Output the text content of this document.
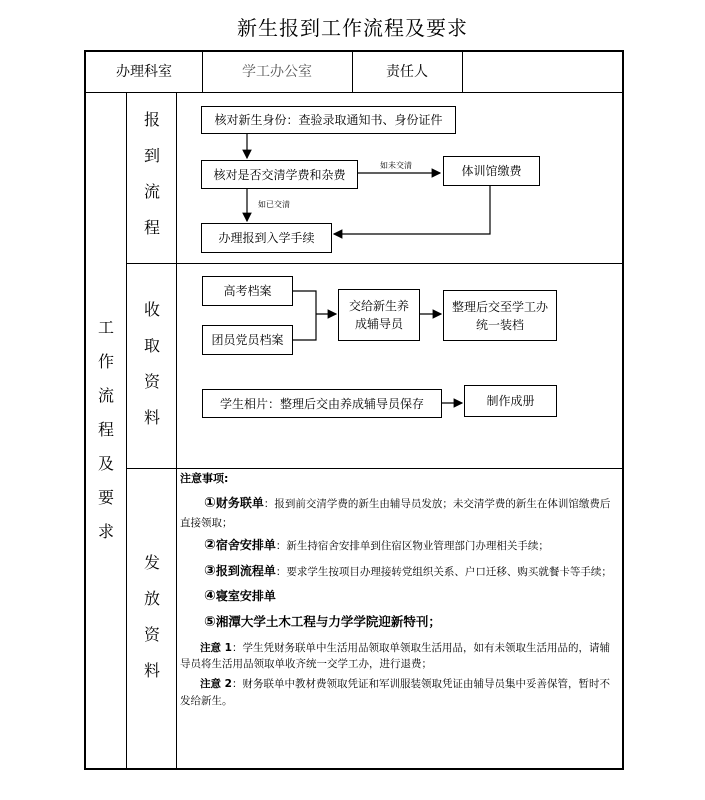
新生报到工作流程及要求
办理科室	学工办公室	责任人
工
作
流
程
及
要
求
报
到
流
程
收
取
资
料
发
放
资
料
核对新生身份：查验录取通知书、身份证件
核对是否交清学费和杂费	体训馆缴费
办理报到入学手续
如未交清
如已交清
高考档案
团员党员档案
交给新生养成辅导员
整理后交至学工办统一装档
学生相片：整理后交由养成辅导员保存	制作成册

注意事项:

①财务联单：报到前交清学费的新生由辅导员发放；未交清学费的新生在体训馆缴费后直接领取；

②宿舍安排单：新生持宿舍安排单到住宿区物业管理部门办理相关手续；

③报到流程单：要求学生按项目办理接转党组织关系、户口迁移、购买就餐卡等手续；

④寝室安排单

⑤湘潭大学土木工程与力学学院迎新特刊；

注意 1：学生凭财务联单中生活用品领取单领取生活用品，如有未领取生活用品的，请辅导员将生活用品领取单收齐统一交学工办，进行退费；

注意 2：财务联单中教材费领取凭证和军训服装领取凭证由辅导员集中妥善保管，暂时不发给新生。
